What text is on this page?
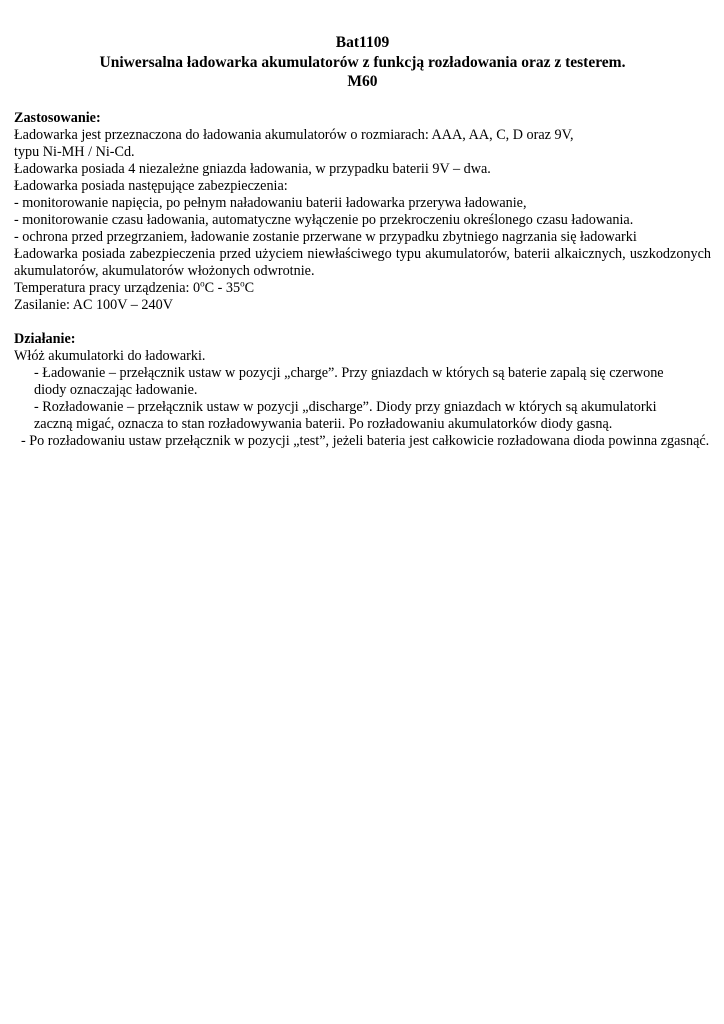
Bat1109
Uniwersalna ładowarka akumulatorów z funkcją rozładowania oraz z testerem.
M60

Zastosowanie:

Ładowarka jest przeznaczona do ładowania akumulatorów o rozmiarach: AAA, AA, C, D oraz 9V,

typu Ni-MH / Ni-Cd.

Ładowarka posiada 4 niezależne gniazda ładowania, w przypadku baterii 9V – dwa.

Ładowarka posiada następujące zabezpieczenia:

- monitorowanie napięcia, po pełnym naładowaniu baterii ładowarka przerywa ładowanie,

- monitorowanie czasu ładowania, automatyczne wyłączenie po przekroczeniu określonego czasu ładowania.

- ochrona przed przegrzaniem, ładowanie zostanie przerwane w przypadku zbytniego nagrzania się ładowarki

Ładowarka posiada zabezpieczenia przed użyciem niewłaściwego typu akumulatorów, baterii alkaicznych, uszkodzonych akumulatorów, akumulatorów włożonych odwrotnie.

Temperatura pracy urządzenia: 0$^o$C - 35$^o$C

Zasilanie: AC 100V – 240V

Działanie:

Włóż akumulatorki do ładowarki.

- Ładowanie – przełącznik ustaw w pozycji „charge”. Przy gniazdach w których są baterie zapalą się czerwone
diody oznaczając ładowanie.

- Rozładowanie – przełącznik ustaw w pozycji „discharge”. Diody przy gniazdach w których są akumulatorki
zaczną migać, oznacza to stan rozładowywania baterii. Po rozładowaniu akumulatorków diody gasną.

- Po rozładowaniu ustaw przełącznik w pozycji „test”, jeżeli bateria jest całkowicie rozładowana dioda powinna zgasnąć.
